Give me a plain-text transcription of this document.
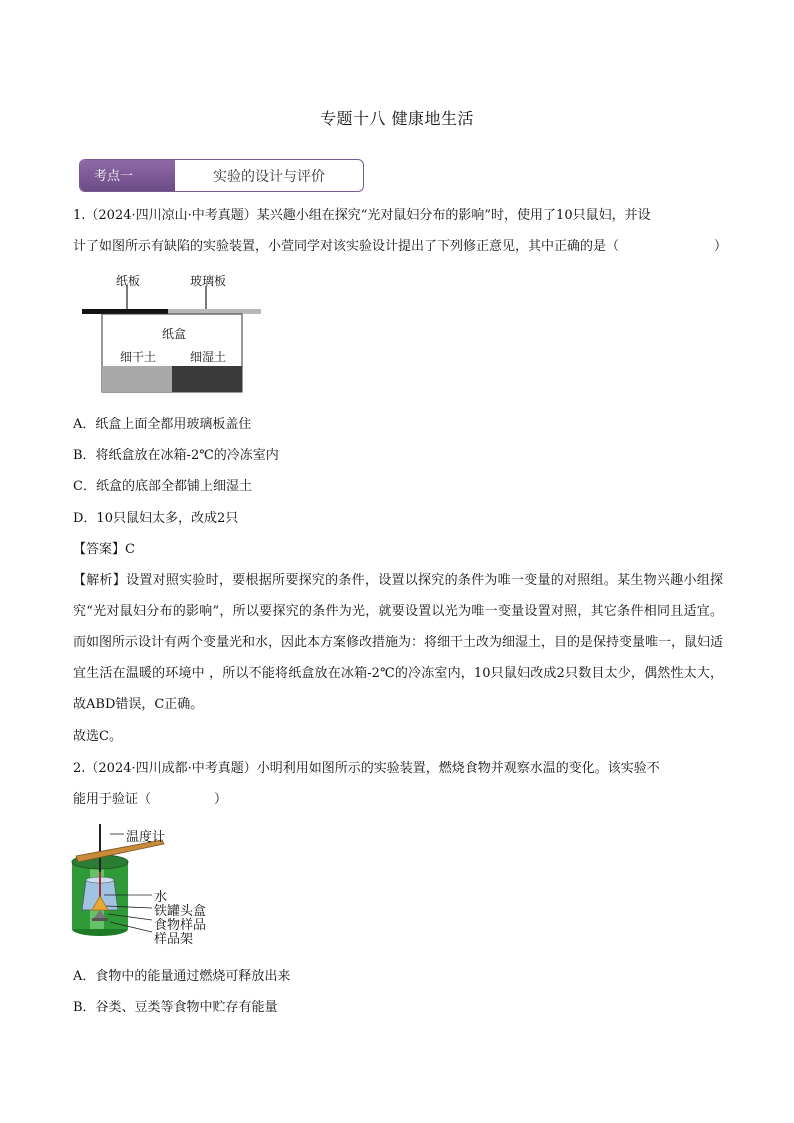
专题十八 健康地生活
考点一	实验的设计与评价
1.（2024·四川凉山·中考真题）某兴趣小组在探究“光对鼠妇分布的影响”时，使用了10只鼠妇，并设
计了如图所示有缺陷的实验装置，小萱同学对该实验设计提出了下列修正意见，其中正确的是（	）
纸板	玻璃板
纸盒
细干土	细湿土
A．纸盒上面全都用玻璃板盖住
B．将纸盒放在冰箱-2℃的冷冻室内
C．纸盒的底部全都铺上细湿土
D．10只鼠妇太多，改成2只
【答案】C
【解析】设置对照实验时，要根据所要探究的条件，设置以探究的条件为唯一变量的对照组。某生物兴趣小组探究“光对鼠妇分布的影响”，所以要探究的条件为光，就要设置以光为唯一变量设置对照，其它条件相同且适宜。而如图所示设计有两个变量光和水，因此本方案修改措施为：将细干土改为细湿土，目的是保持变量唯一，鼠妇适宜生活在温暖的环境中 ，所以不能将纸盒放在冰箱-2℃的冷冻室内，10只鼠妇改成2只数目太少，偶然性太大，故ABD错误，C正确。
故选C。
2.（2024·四川成都·中考真题）小明利用如图所示的实验装置，燃烧食物并观察水温的变化。该实验不
能用于验证（	）
温度计
水
铁罐头盒
食物样品
样品架
A．食物中的能量通过燃烧可释放出来
B．谷类、豆类等食物中贮存有能量
